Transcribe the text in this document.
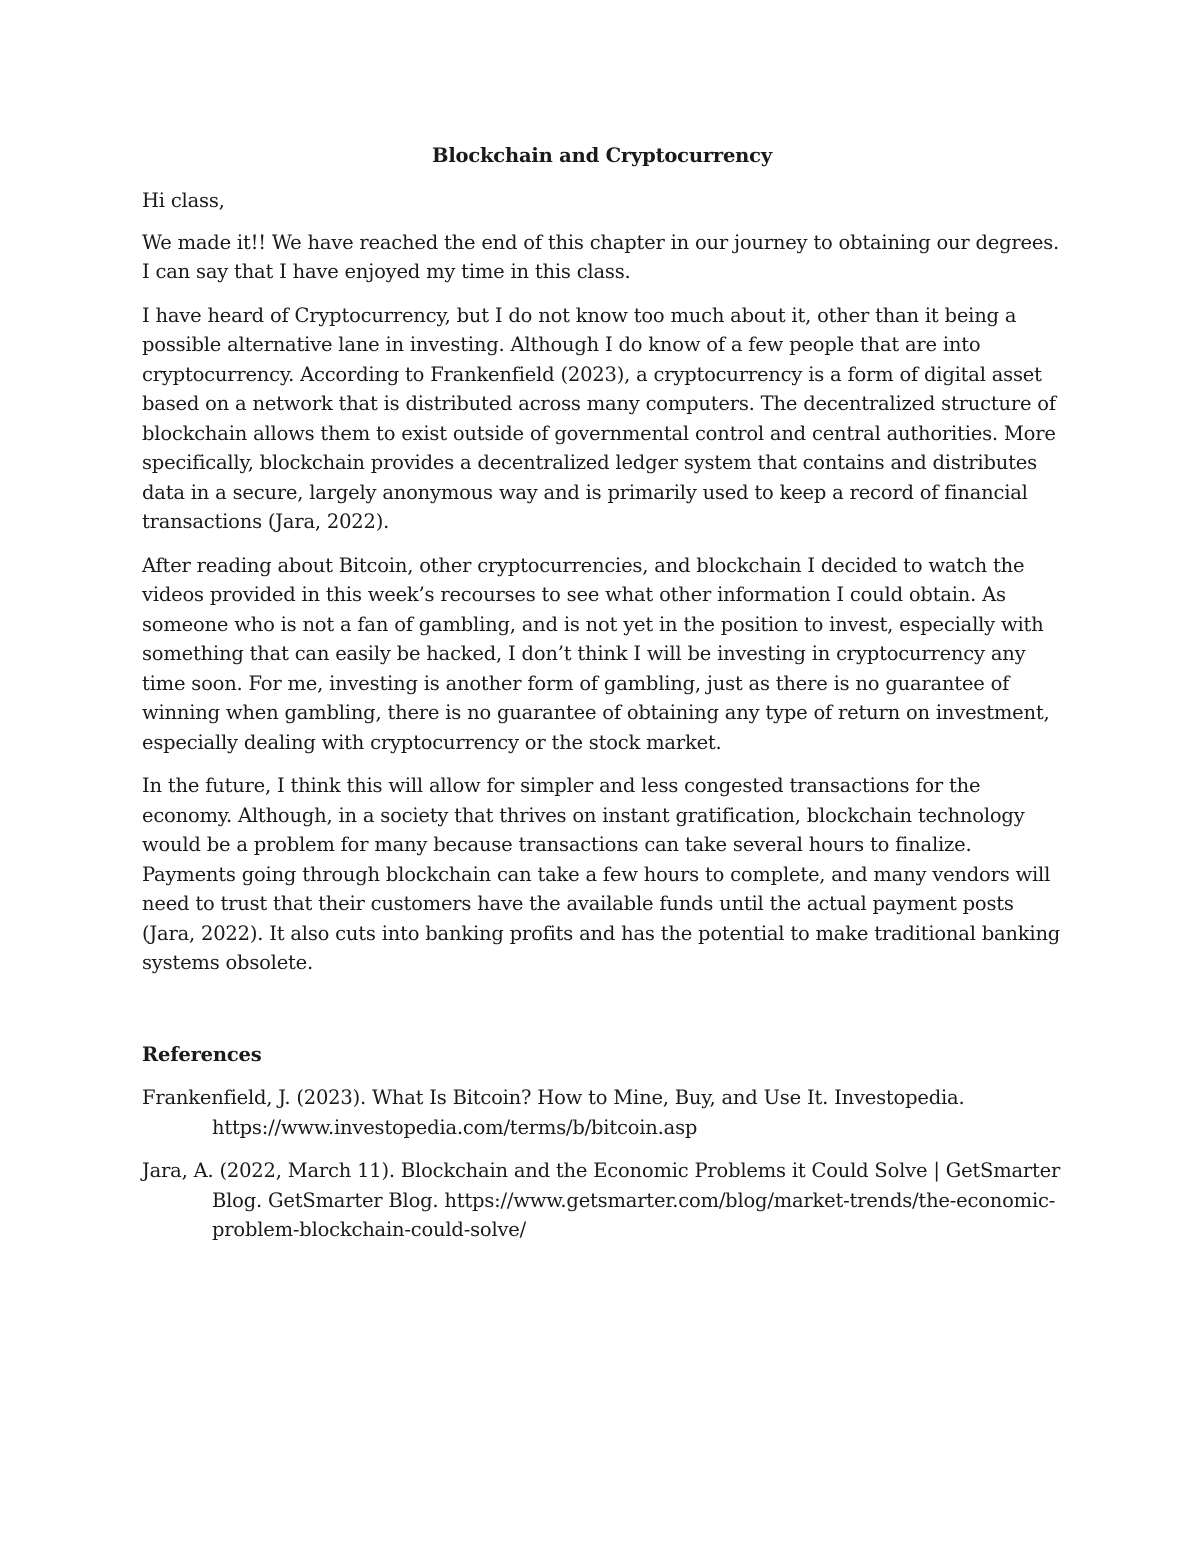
Blockchain and Cryptocurrency
Hi class,

We made it!! We have reached the end of this chapter in our journey to obtaining our degrees. I can say that I have enjoyed my time in this class.

I have heard of Cryptocurrency, but I do not know too much about it, other than it being a possible alternative lane in investing. Although I do know of a few people that are into cryptocurrency. According to Frankenfield (2023), a cryptocurrency is a form of digital asset based on a network that is distributed across many computers. The decentralized structure of blockchain allows them to exist outside of governmental control and central authorities. More specifically, blockchain provides a decentralized ledger system that contains and distributes data in a secure, largely anonymous way and is primarily used to keep a record of financial transactions (Jara, 2022).

After reading about Bitcoin, other cryptocurrencies, and blockchain I decided to watch the videos provided in this week’s recourses to see what other information I could obtain. As someone who is not a fan of gambling, and is not yet in the position to invest, especially with something that can easily be hacked, I don’t think I will be investing in cryptocurrency any time soon. For me, investing is another form of gambling, just as there is no guarantee of winning when gambling, there is no guarantee of obtaining any type of return on investment, especially dealing with cryptocurrency or the stock market.

In the future, I think this will allow for simpler and less congested transactions for the economy. Although, in a society that thrives on instant gratification, blockchain technology would be a problem for many because transactions can take several hours to finalize. Payments going through blockchain can take a few hours to complete, and many vendors will need to trust that their customers have the available funds until the actual payment posts (Jara, 2022). It also cuts into banking profits and has the potential to make traditional banking systems obsolete.

References

Frankenfield, J. (2023). What Is Bitcoin? How to Mine, Buy, and Use It. Investopedia. https://www.investopedia.com/terms/b/bitcoin.asp

Jara, A. (2022, March 11). Blockchain and the Economic Problems it Could Solve | GetSmarter Blog. GetSmarter Blog. https://www.getsmarter.com/blog/market-trends/the-economic-problem-blockchain-could-solve/
